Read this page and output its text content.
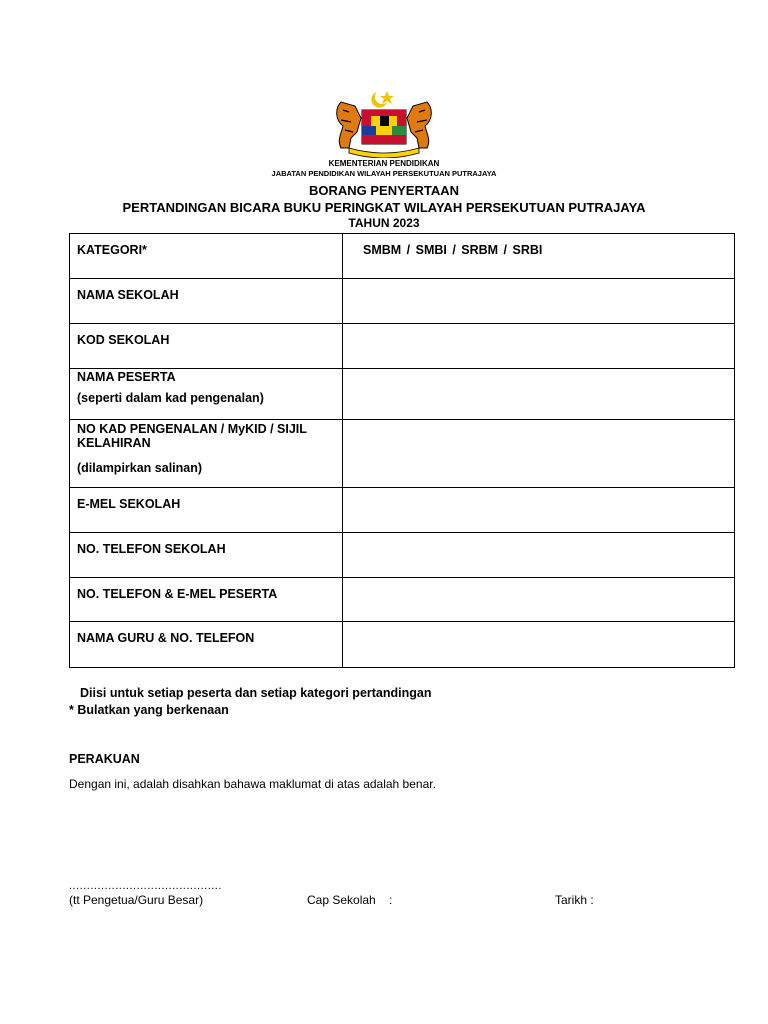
KEMENTERIAN PENDIDIKAN
JABATAN PENDIDIKAN WILAYAH PERSEKUTUAN PUTRAJAYA
BORANG PENYERTAAN
PERTANDINGAN BICARA BUKU PERINGKAT WILAYAH PERSEKUTUAN PUTRAJAYA
TAHUN 2023
KATEGORI*	SMBM / SMBI / SRBM / SRBI
NAMA SEKOLAH	
KOD SEKOLAH	
NAMA PESERTA
(seperti dalam kad pengenalan)	

NO KAD PENGENALAN / MyKID / SIJIL KELAHIRAN
(dilampirkan salinan)	

E-MEL SEKOLAH	
NO. TELEFON SEKOLAH	
NO. TELEFON & E-MEL PESERTA	
NAMA GURU & NO. TELEFON	
Diisi untuk setiap peserta dan setiap kategori pertandingan
* Bulatkan yang berkenaan
PERAKUAN
Dengan ini, adalah disahkan bahawa maklumat di atas adalah benar.
...........................................
(tt Pengetua/Guru Besar)	Cap Sekolah    :	Tarikh :
